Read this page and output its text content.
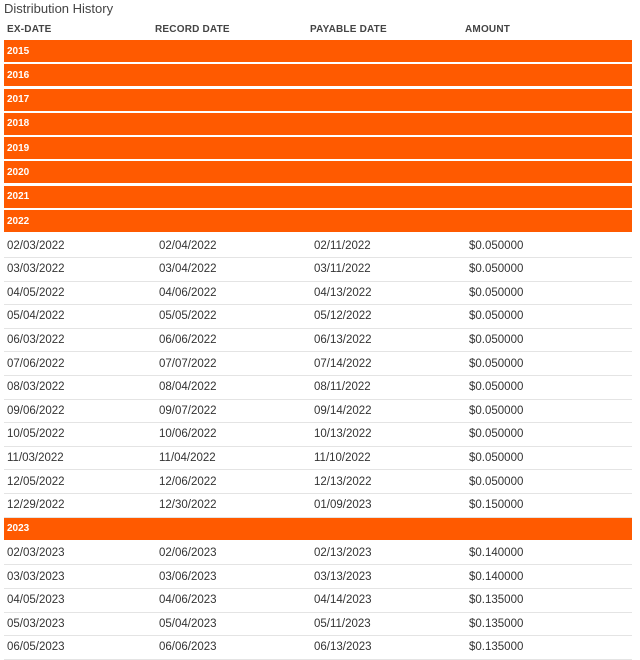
Distribution History
EX-DATE	RECORD DATE	PAYABLE DATE	AMOUNT
2015
2016
2017
2018
2019
2020
2021
2022
02/03/2022	02/04/2022	02/11/2022	$0.050000
03/03/2022	03/04/2022	03/11/2022	$0.050000
04/05/2022	04/06/2022	04/13/2022	$0.050000
05/04/2022	05/05/2022	05/12/2022	$0.050000
06/03/2022	06/06/2022	06/13/2022	$0.050000
07/06/2022	07/07/2022	07/14/2022	$0.050000
08/03/2022	08/04/2022	08/11/2022	$0.050000
09/06/2022	09/07/2022	09/14/2022	$0.050000
10/05/2022	10/06/2022	10/13/2022	$0.050000
11/03/2022	11/04/2022	11/10/2022	$0.050000
12/05/2022	12/06/2022	12/13/2022	$0.050000
12/29/2022	12/30/2022	01/09/2023	$0.150000
2023
02/03/2023	02/06/2023	02/13/2023	$0.140000
03/03/2023	03/06/2023	03/13/2023	$0.140000
04/05/2023	04/06/2023	04/14/2023	$0.135000
05/03/2023	05/04/2023	05/11/2023	$0.135000
06/05/2023	06/06/2023	06/13/2023	$0.135000
